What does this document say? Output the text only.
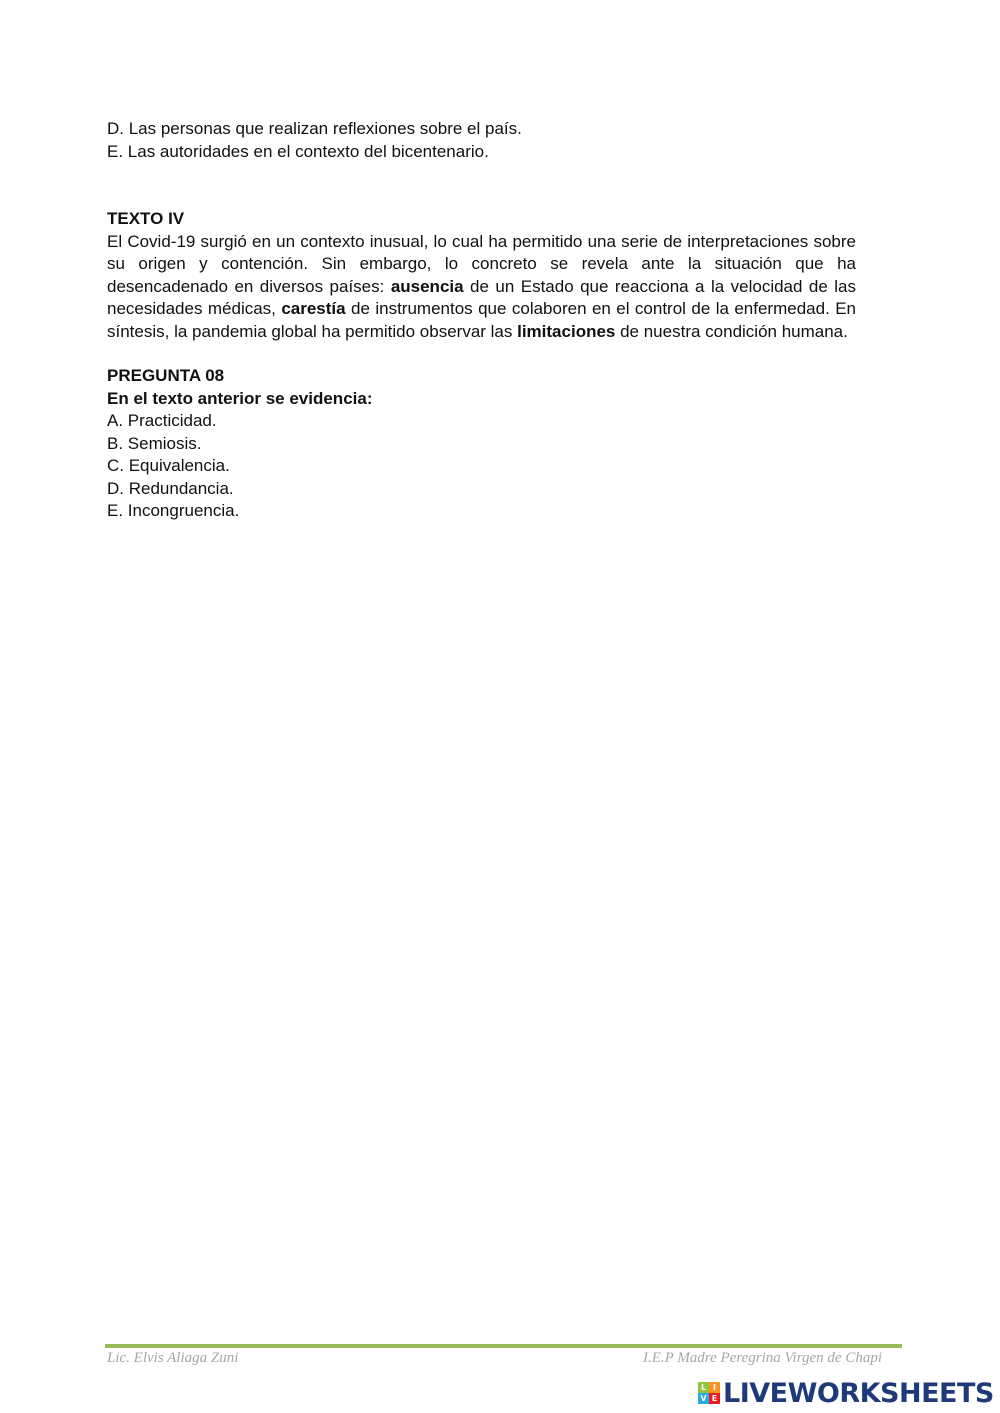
D. Las personas que realizan reflexiones sobre el país.
E. Las autoridades en el contexto del bicentenario.
TEXTO IV
El Covid-19 surgió en un contexto inusual, lo cual ha permitido una serie de interpretaciones sobre su origen y contención. Sin embargo, lo concreto se revela ante la situación que ha desencadenado en diversos países: ausencia de un Estado que reacciona a la velocidad de las necesidades médicas, carestía de instrumentos que colaboren en el control de la enfermedad. En síntesis, la pandemia global ha permitido observar las limitaciones de nuestra condición humana.
PREGUNTA 08
En el texto anterior se evidencia:
A. Practicidad.
B. Semiosis.
C. Equivalencia.
D. Redundancia.
E. Incongruencia.
Lic. Elvis Aliaga Zuni	I.E.P Madre Peregrina Virgen de Chapi
L I
V E LIVEWORKSHEETS
